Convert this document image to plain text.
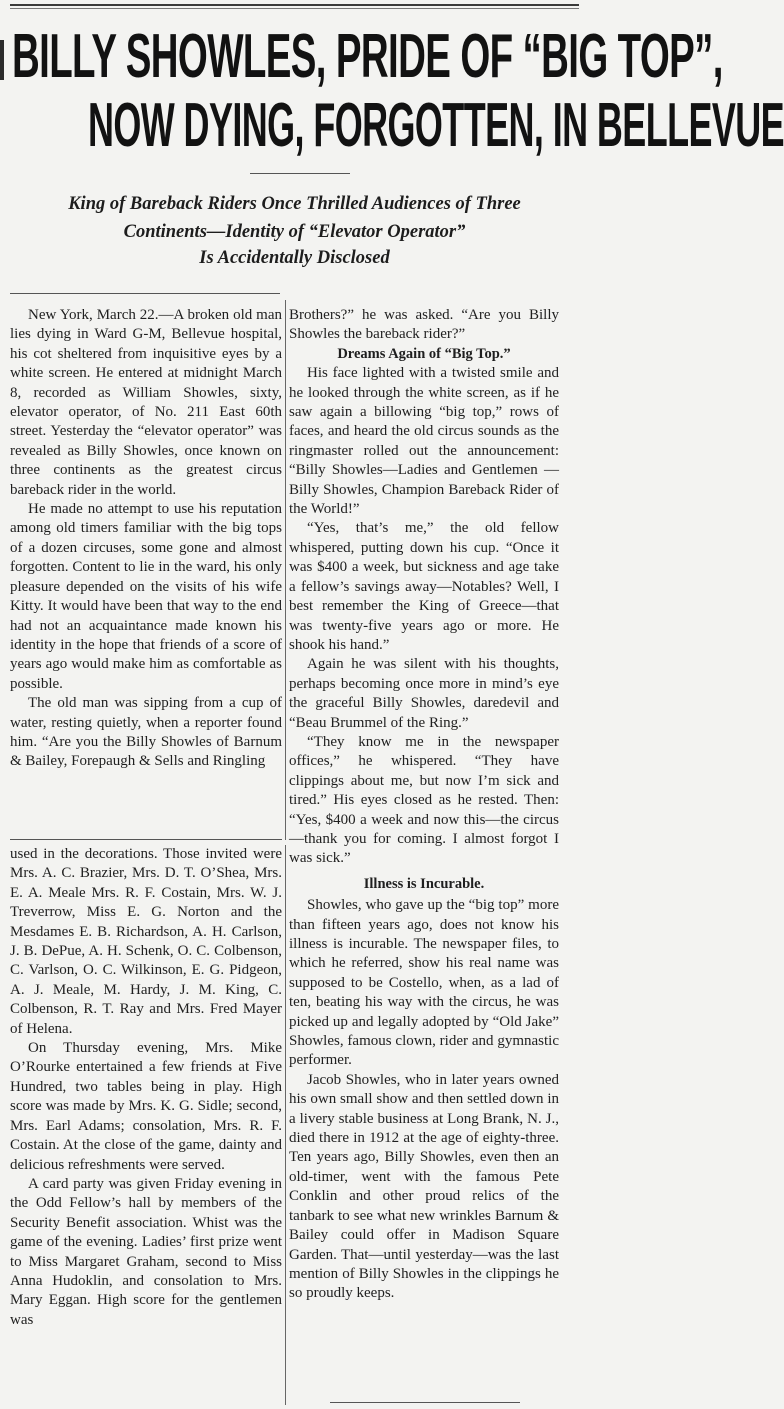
BILLY SHOWLES, PRIDE OF “BIG TOP”,
NOW DYING, FORGOTTEN, IN BELLEVUE
King of Bareback Riders Once Thrilled Audiences of Three
Continents—Identity of “Elevator Operator”
Is Accidentally Disclosed

New York, March 22.—A broken old man lies dying in Ward G-M, Bellevue hospital, his cot sheltered from inquisitive eyes by a white screen. He entered at midnight March 8, recorded as William Showles, sixty, elevator operator, of No. 211 East 60th street. Yesterday the “elevator operator” was revealed as Billy Showles, once known on three continents as the greatest circus bareback rider in the world.

He made no attempt to use his reputation among old timers familiar with the big tops of a dozen circuses, some gone and almost forgotten. Content to lie in the ward, his only pleasure depended on the visits of his wife Kitty. It would have been that way to the end had not an acquaintance made known his identity in the hope that friends of a score of years ago would make him as comfortable as possible.

The old man was sipping from a cup of water, resting quietly, when a reporter found him. “Are you the Billy Showles of Barnum & Bailey, Forepaugh & Sells and Ringling

Brothers?” he was asked. “Are you Billy Showles the bareback rider?”

Dreams Again of “Big Top.”

His face lighted with a twisted smile and he looked through the white screen, as if he saw again a billowing “big top,” rows of faces, and heard the old circus sounds as the ringmaster rolled out the announcement: “Billy Showles—Ladies and Gentlemen — Billy Showles, Champion Bareback Rider of the World!”

“Yes, that’s me,” the old fellow whispered, putting down his cup. “Once it was $400 a week, but sickness and age take a fellow’s savings away—Notables? Well, I best remember the King of Greece—that was twenty-five years ago or more. He shook his hand.”

Again he was silent with his thoughts, perhaps becoming once more in mind’s eye the graceful Billy Showles, daredevil and “Beau Brummel of the Ring.”

“They know me in the newspaper offices,” he whispered. “They have clippings about me, but now I’m sick and tired.” His eyes closed as he rested. Then: “Yes, $400 a week and now this—the circus—thank you for coming. I almost forgot I was sick.”

Illness is Incurable.

Showles, who gave up the “big top” more than fifteen years ago, does not know his illness is incurable. The newspaper files, to which he referred, show his real name was supposed to be Costello, when, as a lad of ten, beating his way with the circus, he was picked up and legally adopted by “Old Jake” Showles, famous clown, rider and gymnastic performer.

Jacob Showles, who in later years owned his own small show and then settled down in a livery stable business at Long Brank, N. J., died there in 1912 at the age of eighty-three. Ten years ago, Billy Showles, even then an old-timer, went with the famous Pete Conklin and other proud relics of the tanbark to see what new wrinkles Barnum & Bailey could offer in Madison Square Garden. That—until yesterday—was the last mention of Billy Showles in the clippings he so proudly keeps.

used in the decorations. Those invited were Mrs. A. C. Brazier, Mrs. D. T. O’Shea, Mrs. E. A. Meale Mrs. R. F. Costain, Mrs. W. J. Treverrow, Miss E. G. Norton and the Mesdames E. B. Richardson, A. H. Carlson, J. B. DePue, A. H. Schenk, O. C. Colbenson, C. Varlson, O. C. Wilkinson, E. G. Pidgeon, A. J. Meale, M. Hardy, J. M. King, C. Colbenson, R. T. Ray and Mrs. Fred Mayer of Helena.

On Thursday evening, Mrs. Mike O’Rourke entertained a few friends at Five Hundred, two tables being in play. High score was made by Mrs. K. G. Sidle; second, Mrs. Earl Adams; consolation, Mrs. R. F. Costain. At the close of the game, dainty and delicious refreshments were served.

A card party was given Friday evening in the Odd Fellow’s hall by members of the Security Benefit association. Whist was the game of the evening. Ladies’ first prize went to Miss Margaret Graham, second to Miss Anna Hudoklin, and consolation to Mrs. Mary Eggan. High score for the gentlemen was
